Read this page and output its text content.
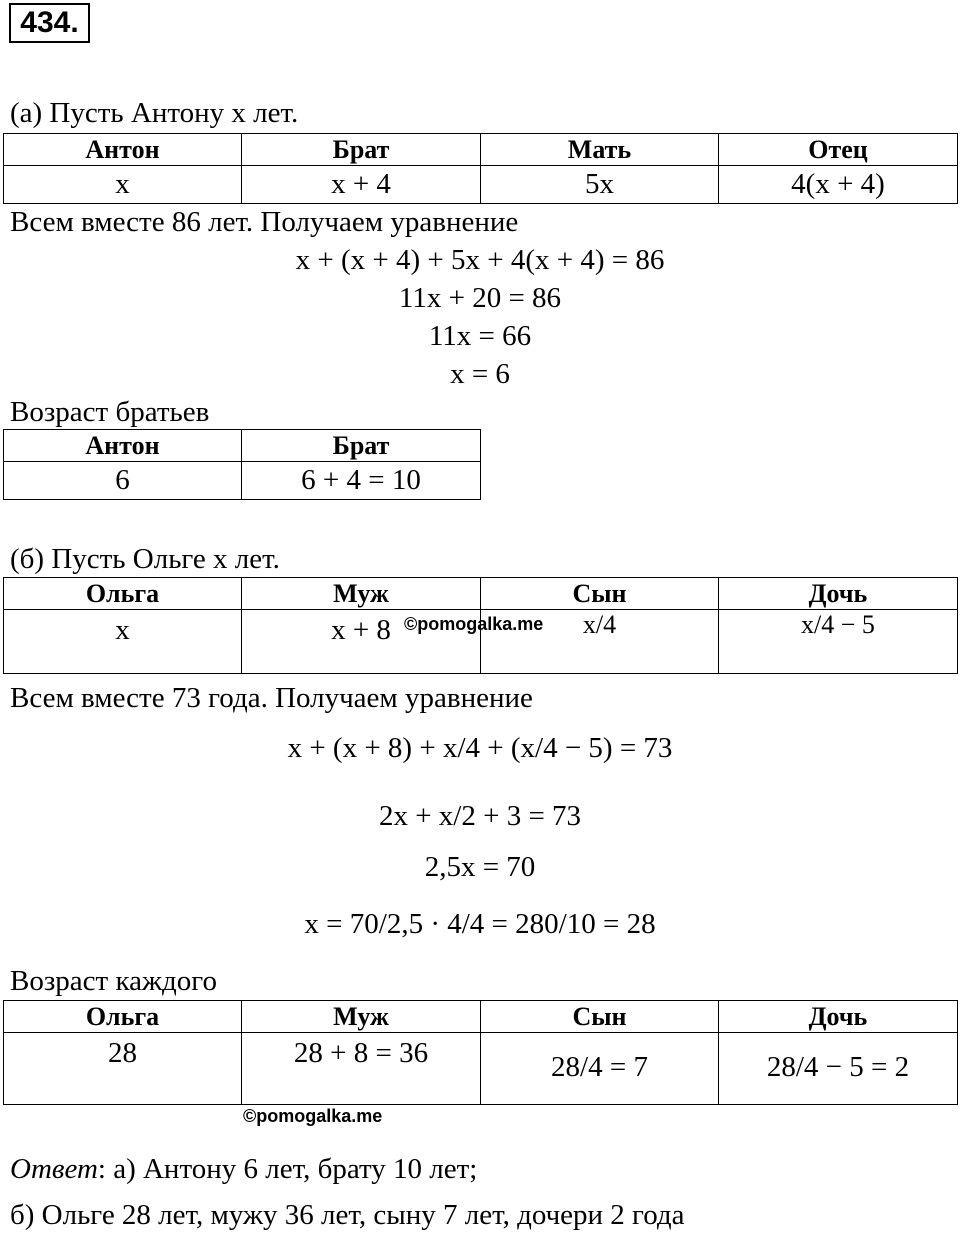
434.
(а) Пусть Антону x лет.
Антон	Брат	Мать	Отец
x	x + 4	5x	4(x + 4)
Всем вместе 86 лет. Получаем уравнение
x + (x + 4) + 5x + 4(x + 4) = 86
11x + 20 = 86
11x = 66
x = 6
Возраст братьев
Антон	Брат
6	6 + 4 = 10
(б) Пусть Ольге x лет.
Ольга	Муж	Сын	Дочь
x	x + 8	x/4	x/4 − 5
©pomogalka.me
Всем вместе 73 года. Получаем уравнение
x + (x + 8) + x/4 + (x/4 − 5) = 73
2x + x/2 + 3 = 73
2,5x = 70
x = 70/2,5 · 4/4 = 280/10 = 28
Возраст каждого
Ольга	Муж	Сын	Дочь
28	28 + 8 = 36	28/4 = 7	28/4 − 5 = 2
©pomogalka.me
Ответ: а) Антону 6 лет, брату 10 лет;
б) Ольге 28 лет, мужу 36 лет, сыну 7 лет, дочери 2 года
